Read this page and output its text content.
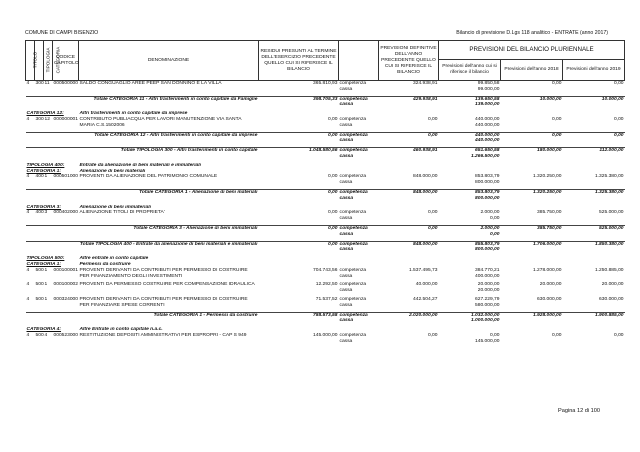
COMUNE DI CAMPI BISENZIO	Bilancio di previsione D.Lgs 118 analitico - ENTRATE (anno 2017)
TITOLO	TIPOLOGIA	CATEGORIA	CODICE CAPITOLO	DENOMINAZIONE	RESIDUI PRESUNTI AL TERMINE DELL'ESERCIZIO PRECEDENTE QUELLO CUI SI RIFERISCE IL BILANCIO		PREVISIONI DEFINITIVE DELL'ANNO PRECEDENTE QUELLO CUI SI RIFERISCE IL BILANCIO	PREVISIONI DEL BILANCIO PLURIENNALE		
								Previsioni dell'anno cui si riferisce il bilancio	Previsioni dell'anno 2018	Previsioni dell'anno 2019
4	300	11	000500000	SALDO CONGUAGLIO AREE PEEP SAN DONNINO E LA VILLA	365.810,93	competenza	324.938,91	99.850,58	0,00	0,00
						cassa		99.000,00		

Totale CATEGORIA 11 - Altri trasferimenti in conto capitale da Famiglie					398.705,33	competenza	429.938,91	139.650,58	10.000,00	10.000,00
						cassa		139.000,00		

CATEGORIA 12:				Altri trasferimenti in conto capitale da imprese						
4	300	12	000000001	CONTRIBUTO PUBLIACQUA PER LAVORI MANUTENZIONE VIA SANTA MARIA C.S.1502006	0,00	competenza	0,00	440.000,00	0,00	0,00
						cassa		440.000,00		

Totale CATEGORIA 12 - Altri trasferimenti in conto capitale da imprese					0,00	competenza	0,00	440.000,00	0,00	0,00
						cassa		440.000,00		

Totale TIPOLOGIA 300 - Altri trasferimenti in conto capitale					1.048.580,56	competenza	460.938,91	651.650,58	180.000,00	112.000,00
						cassa		1.266.500,00		

TIPOLOGIA 400:				Entrate da alienazione di beni materiali e immateriali						
CATEGORIA 1:				Alienazione di beni materiali						
4	400	1	000501000	PROVENTI DA ALIENAZIONE DEL PATRIMONIO COMUNALE	0,00	competenza	848.000,00	853.803,79	1.320.250,00	1.325.380,00
						cassa		800.000,00		

Totale CATEGORIA 1 - Alienazione di beni materiali					0,00	competenza	848.000,00	853.803,79	1.320.250,00	1.325.380,00
						cassa		800.000,00		

CATEGORIA 3:				Alienazione di beni immateriali						
4	400	3	000402000	ALIENAZIONE TITOLI DI PROPRIETA'	0,00	competenza	0,00	2.000,00	385.750,00	525.000,00
						cassa		0,00		

Totale CATEGORIA 3 - Alienazione di beni immateriali					0,00	competenza	0,00	2.000,00	385.750,00	525.000,00
						cassa		0,00		

Totale TIPOLOGIA 400 - Entrate da alienazione di beni materiali e immateriali					0,00	competenza	848.000,00	855.803,79	1.706.000,00	1.850.380,00
						cassa		800.000,00		

TIPOLOGIA 500:				Altre entrate in conto capitale						
CATEGORIA 1:				Permessi da costruire						
4	500	1	000100001	PROVENTI DERIVANTI DA CONTRIBUTI PER PERMESSO DI COSTRUIRE PER FINANZIAMENTO DEGLI INVESTIMENTI	704.743,56	competenza	1.537.495,73	384.770,21	1.278.000,00	1.250.885,00
						cassa		400.000,00		

4	500	1	000100002	PROVENTI DA PERMESSO COSTRUIRE PER COMPENSAZIONE IDRAULICA	12.292,50	competenza	40.000,00	20.000,00	20.000,00	20.000,00
						cassa		20.000,00		

4	500	1	000324000	PROVENTI DERIVANTI DA CONTRIBUTI PER PERMESSO DI COSTRUIRE PER FINANZIARE SPESE CORRENTI	71.537,52	competenza	442.504,27	627.229,79	630.000,00	630.000,00
						cassa		580.000,00		

Totale CATEGORIA 1 - Permessi da costruire					788.573,58	competenza	2.020.000,00	1.032.000,00	1.928.000,00	1.900.885,00
						cassa		1.000.000,00		

CATEGORIA 4:				Altre Entrate in conto capitale n.a.c.						
4	500	4	000523000	RESTITUZIONE DEPOSITI AMMINISTRATIVI PER ESPROPRI - CAP S 949	145.000,00	competenza	0,00	0,00	0,00	0,00
						cassa		145.000,00		

Pagina 12 di 100
